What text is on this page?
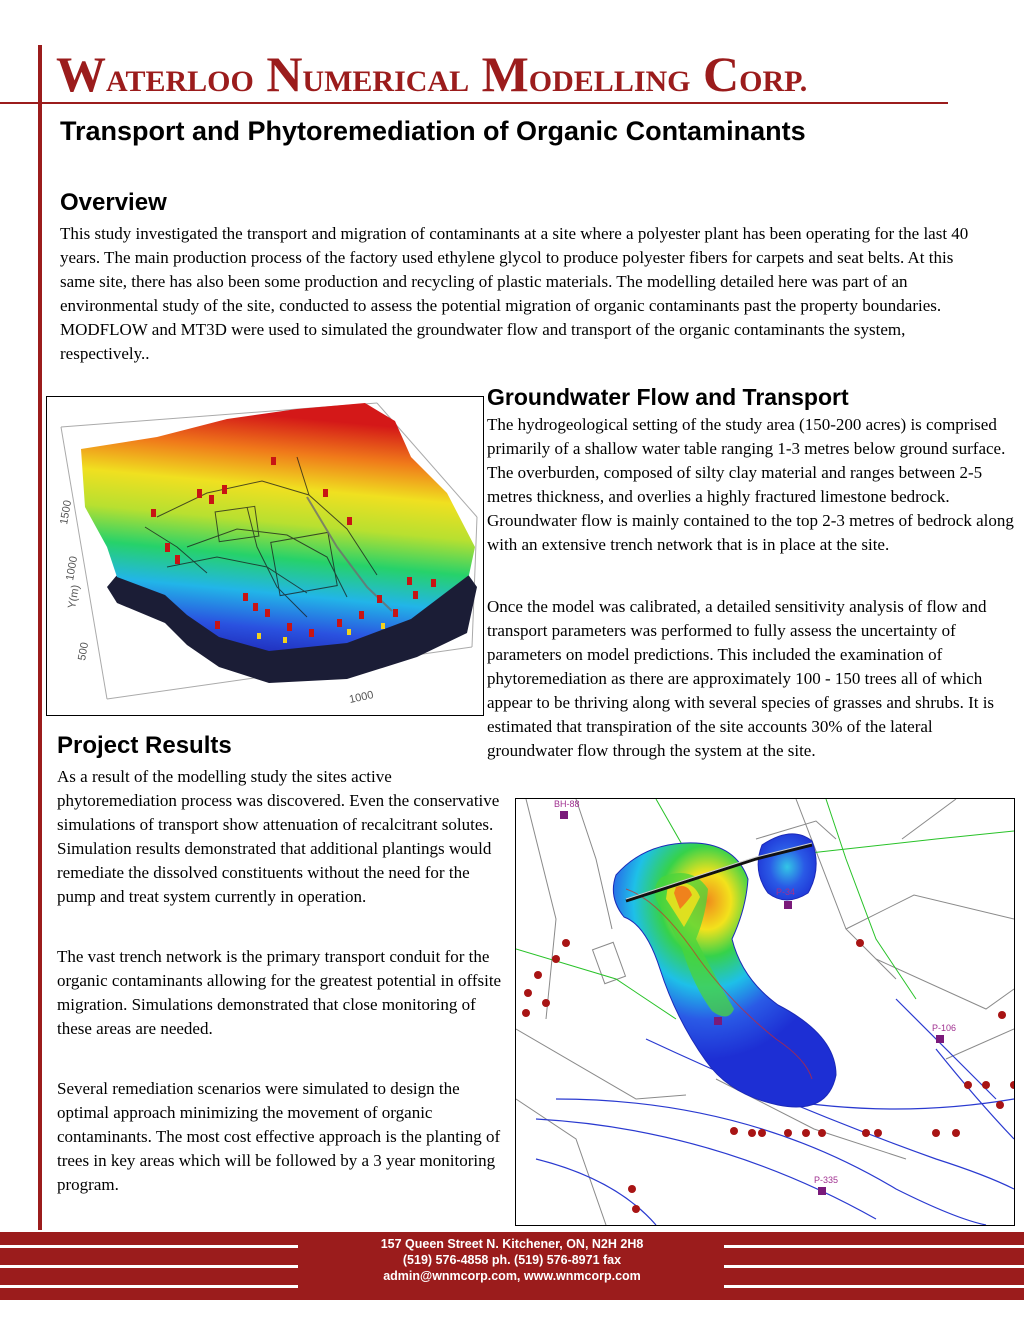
WATERLOO NUMERICAL MODELLING CORP.
Transport and Phytoremediation of Organic Contaminants
Overview

This study investigated the transport and migration of contaminants at a site where a polyester plant has been operating for the last 40 years. The main production process of the factory used ethylene glycol to produce polyester fibers for carpets and seat belts. At this same site, there has also been some production and recycling of plastic materials. The modelling detailed here was part of an environmental study of the site, conducted to assess the potential migration of organic contaminants past the property boundaries. MODFLOW and MT3D were used to simulated the groundwater flow and transport of the organic contaminants the system, respectively..

1500
1000
Y(m)
500
1000
Groundwater Flow and Transport

The hydrogeological setting of the study area (150-200 acres) is comprised primarily of a shallow water table ranging 1-3 metres below ground surface. The overburden, composed of silty clay material and ranges between 2-5 metres thickness, and overlies a highly fractured limestone bedrock. Groundwater flow is mainly contained to the top 2-3 metres of bedrock along with an extensive trench network that is in place at the site.

Once the model was calibrated, a detailed sensitivity analysis of flow and transport parameters was performed to fully assess the uncertainty of parameters on model predictions. This included the examination of phytoremediation as there are approximately 100 - 150 trees all of which appear to be thriving along with several species of grasses and shrubs. It is estimated that transpiration of the site accounts 30% of the lateral groundwater flow through the system at the site.

Project Results

As a result of the modelling study the sites active phytoremediation process was discovered. Even the conservative simulations of transport show attenuation of recalcitrant solutes. Simulation results demonstrated that additional plantings would remediate the dissolved constituents without the need for the pump and treat system currently in operation.

The vast trench network is the primary transport conduit for the organic contaminants allowing for the greatest potential in offsite migration. Simulations demonstrated that close monitoring of these areas are needed.

Several remediation scenarios were simulated to design the optimal approach minimizing the movement of organic contaminants. The most cost effective approach is the planting of trees in key areas which will be followed by a 3 year monitoring program.

BH-88
P-106
P-335
P-34
157 Queen Street N. Kitchener, ON, N2H 2H8
(519) 576-4858 ph. (519) 576-8971 fax
admin@wnmcorp.com, www.wnmcorp.com
